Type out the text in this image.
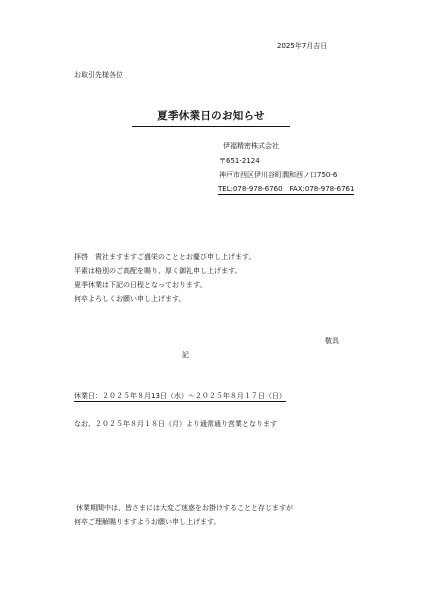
2025年7月吉日
お取引先様各位
夏季休業日のお知らせ
伊福精密株式会社
〒651-2124
神戸市西区伊川谷町潤和西ノ口750-6
TEL:078-978-6760　FAX:078-978-6761
拝啓　貴社ますますご盛栄のこととお慶び申し上げます。
平素は格別のご高配を賜り、厚く御礼申し上げます。
夏季休業は下記の日程となっております。
何卒よろしくお願い申し上げます。
敬具
記
休業日：２０２５年８月13日（水）～２０２５年８月１７日（日）
なお、２０２５年８月１８日（月）より通常通り営業となります
休業期間中は、皆さまには大変ご迷惑をお掛けすることと存じますが
何卒ご理解賜りますようお願い申し上げます。
